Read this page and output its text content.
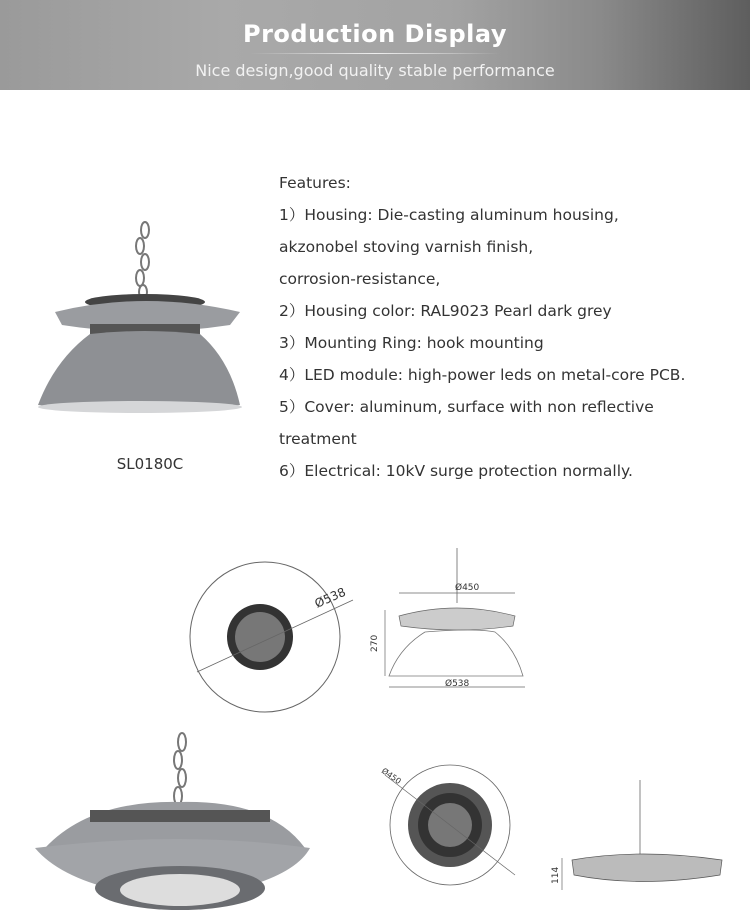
Production Display
Nice design,good quality stable performance
SL0180C
Features:
1）Housing: Die-casting aluminum housing,
akzonobel stoving varnish finish,
corrosion-resistance,
2）Housing color: RAL9023 Pearl dark grey
3）Mounting Ring: hook mounting
4）LED module: high-power leds on metal-core PCB.
5）Cover: aluminum, surface with non reflective
treatment
6）Electrical: 10kV surge protection normally.
Ø538	Ø450
270
Ø538
Ø450
114
